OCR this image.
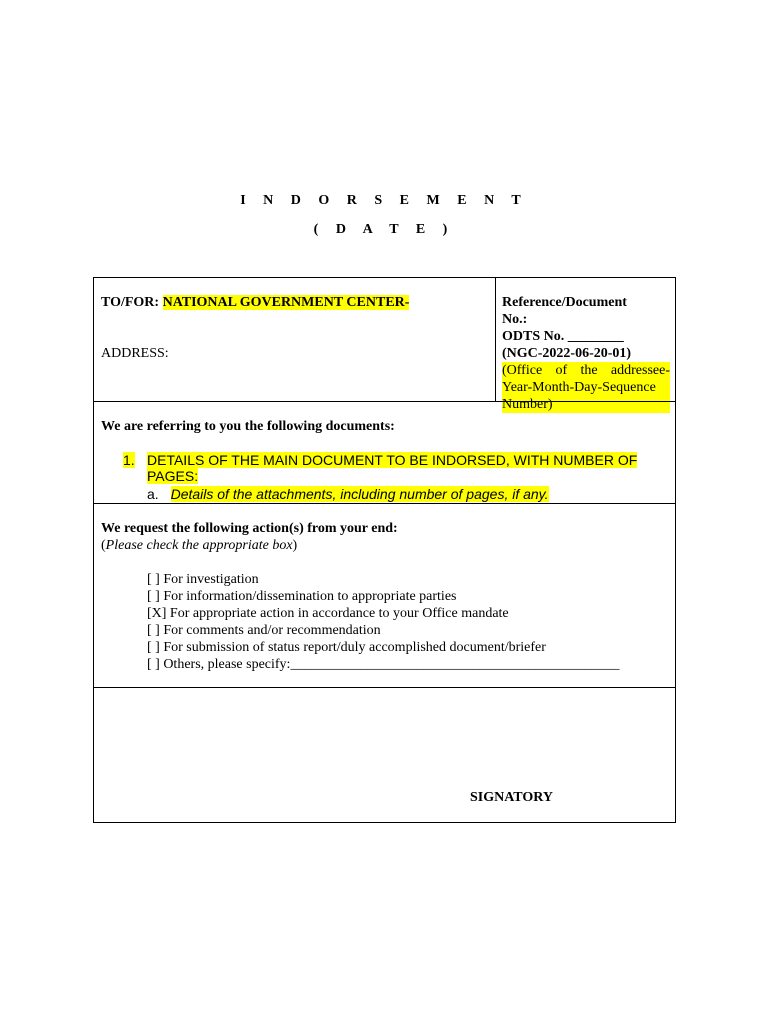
I N D O R S E M E N T
( D A T E )
TO/FOR: NATIONAL GOVERNMENT CENTER-
ADDRESS:
Reference/Document No.:
ODTS No. ________
(NGC-2022-06-20-01)
(Office of the addressee-Year-Month-Day-Sequence Number)
We are referring to you the following documents:
1. DETAILS OF THE MAIN DOCUMENT TO BE INDORSED, WITH NUMBER OF PAGES:
a. Details of the attachments, including number of pages, if any.
We request the following action(s) from your end:
(Please check the appropriate box)
[ ] For investigation
[ ] For information/dissemination to appropriate parties
[X] For appropriate action in accordance to your Office mandate
[ ] For comments and/or recommendation
[ ] For submission of status report/duly accomplished document/briefer
[ ] Others, please specify:_______________________________________________
SIGNATORY
